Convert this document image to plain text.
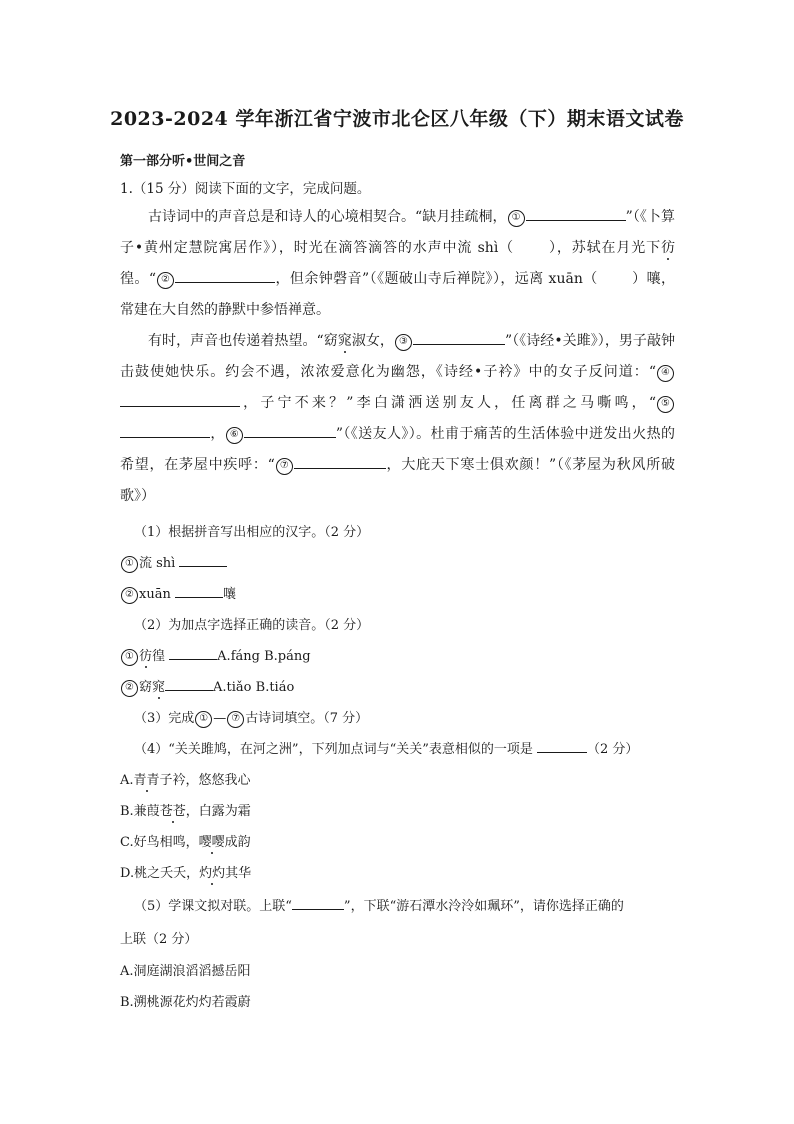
2023-2024 学年浙江省宁波市北仑区八年级（下）期末语文试卷
第一部分听•世间之音
1.（15 分）阅读下面的文字，完成问题。

古诗词中的声音总是和诗人的心境相契合。“缺月挂疏桐， ①	”（《卜算子•黄州定慧院寓居作》），时光在滴答滴答的水声中流 shì（ ），苏轼在月光下彷徨。“ ②	，但余钟磬音”（《题破山寺后禅院》），远离 xuān（ ）嚷，常建在大自然的静默中参悟禅意。

有时，声音也传递着热望。“窈窕淑女， ③	”（《诗经•关雎》），男子敲钟击鼓使她快乐。约会不遇，浓浓爱意化为幽怨，《诗经•子衿》中的女子反问道：“ ④，子宁不来？”李白潇洒送别友人，任离群之马嘶鸣，“ ⑤， ⑥	”（《送友人》）。杜甫于痛苦的生活体验中迸发出火热的希望，在茅屋中疾呼：“ ⑦	，大庇天下寒士俱欢颜！”（《茅屋为秋风所破歌》）

（1）根据拼音写出相应的汉字。（2 分）
① 流 shì
② xuān	嚷
（2）为加点字选择正确的读音。（2 分）
① 彷徨	A.fáng B.páng
② 窈窕	A.tiǎo B.tiáo
（3）完成 ① — ⑦ 古诗词填空。（7 分）
（4）“关关雎鸠，在河之洲”，下列加点词与“关关”表意相似的一项是	（2 分）
A.青青子衿，悠悠我心
B.兼葭苍苍，白露为霜
C.好鸟相鸣，嘤嘤成韵
D.桃之夭夭，灼灼其华
（5）学课文拟对联。上联“	”，下联“游石潭水泠泠如珮环”，请你选择正确的
上联（2 分）
A.洞庭湖浪滔滔撼岳阳
B.溯桃源花灼灼若霞蔚
